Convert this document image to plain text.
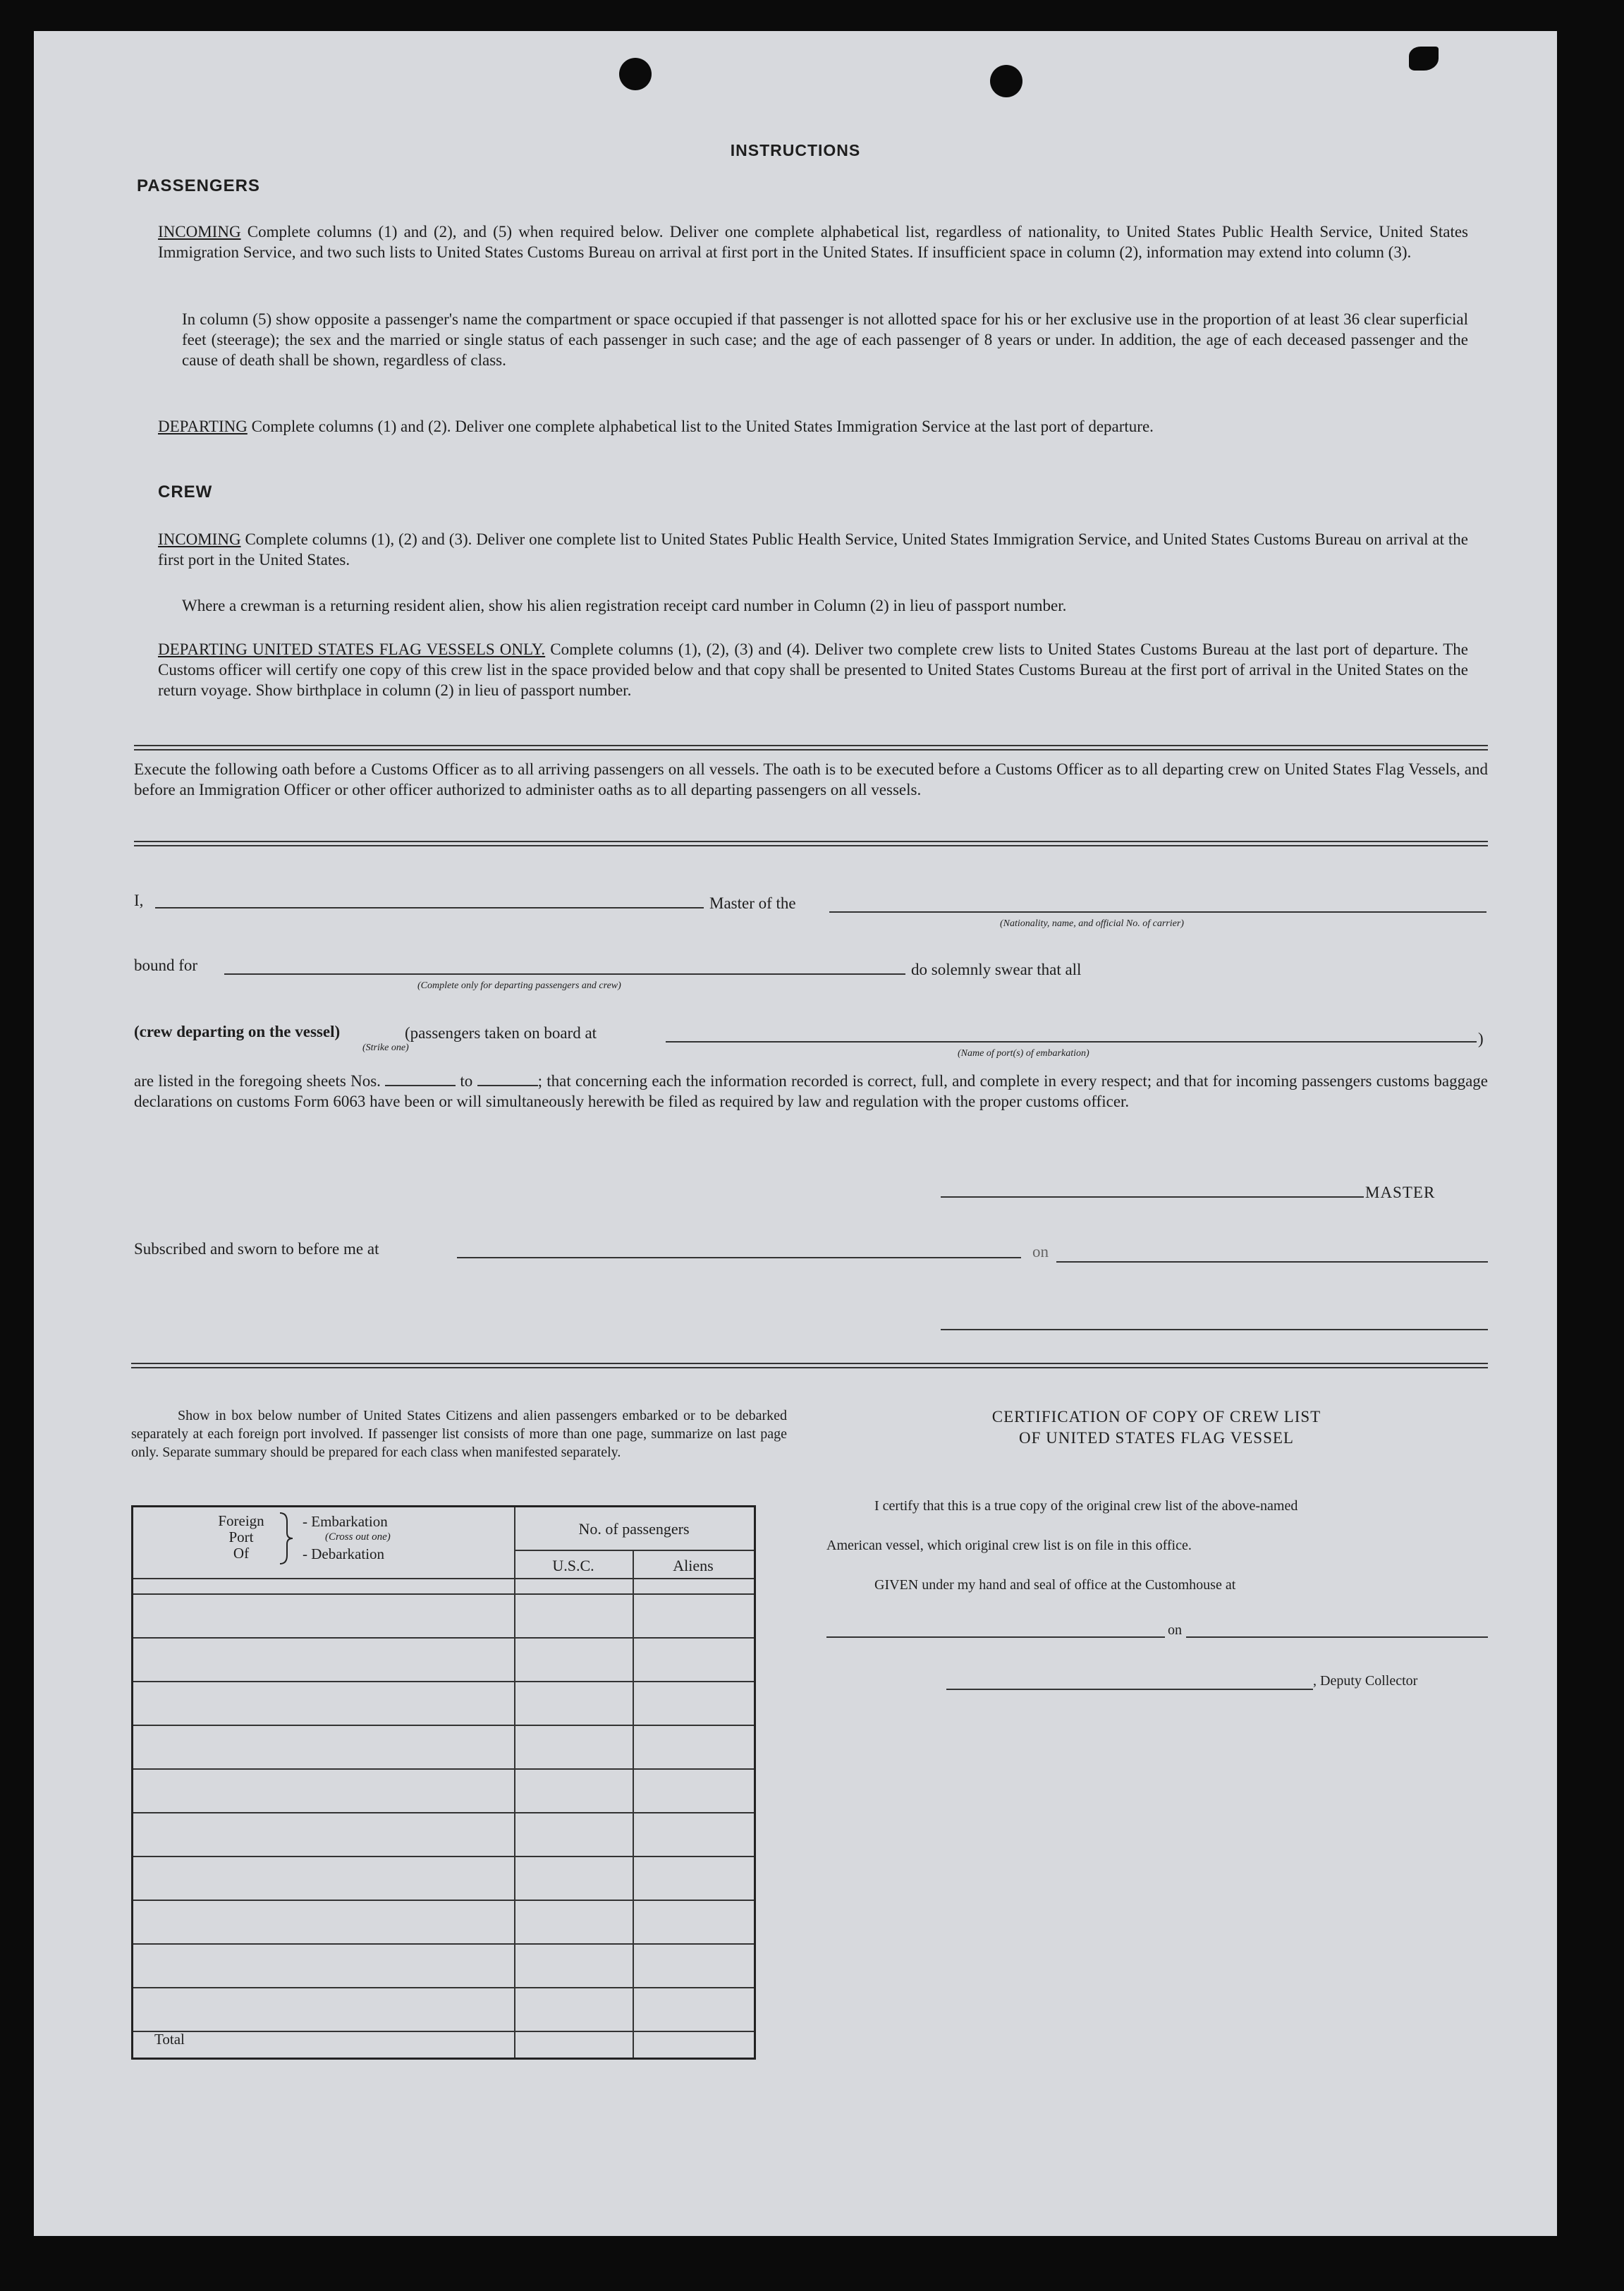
INSTRUCTIONS
PASSENGERS
INCOMING Complete columns (1) and (2), and (5) when required below. Deliver one complete alphabetical list, regardless of nationality, to United States Public Health Service, United States Immigration Service, and two such lists to United States Customs Bureau on arrival at first port in the United States. If insufficient space in column (2), information may extend into column (3).
In column (5) show opposite a passenger's name the compartment or space occupied if that passenger is not allotted space for his or her exclusive use in the proportion of at least 36 clear superficial feet (steerage); the sex and the married or single status of each passenger in such case; and the age of each passenger of 8 years or under. In addition, the age of each deceased passenger and the cause of death shall be shown, regardless of class.
DEPARTING Complete columns (1) and (2). Deliver one complete alphabetical list to the United States Immigration Service at the last port of departure.
CREW
INCOMING Complete columns (1), (2) and (3). Deliver one complete list to United States Public Health Service, United States Immigration Service, and United States Customs Bureau on arrival at the first port in the United States.
Where a crewman is a returning resident alien, show his alien registration receipt card number in Column (2) in lieu of passport number.
DEPARTING UNITED STATES FLAG VESSELS ONLY. Complete columns (1), (2), (3) and (4). Deliver two complete crew lists to United States Customs Bureau at the last port of departure. The Customs officer will certify one copy of this crew list in the space provided below and that copy shall be presented to United States Customs Bureau at the first port of arrival in the United States on the return voyage. Show birthplace in column (2) in lieu of passport number.
Execute the following oath before a Customs Officer as to all arriving passengers on all vessels. The oath is to be executed before a Customs Officer as to all departing crew on United States Flag Vessels, and before an Immigration Officer or other officer authorized to administer oaths as to all departing passengers on all vessels.
I,	Master of the
(Nationality, name, and official No. of carrier)
bound for
(Complete only for departing passengers and crew)
do solemnly swear that all
(crew departing on the vessel)	(passengers taken on board at
(Strike one)
)
(Name of port(s) of embarkation)
are listed in the foregoing sheets Nos.	to	; that concerning each the information recorded is correct, full, and complete in every respect; and that for incoming passengers customs baggage declarations on customs Form 6063 have been or will simultaneously herewith be filed as required by law and regulation with the proper customs officer.
MASTER
Subscribed and sworn to before me at	on
Show in box below number of United States Citizens and alien passengers embarked or to be debarked separately at each foreign port involved. If passenger list consists of more than one page, summarize on last page only. Separate summary should be prepared for each class when manifested separately.
Foreign
Port
Of
- Embarkation
(Cross out one)
- Debarkation
No. of passengers
U.S.C.	Aliens
Total
CERTIFICATION OF COPY OF CREW LIST
OF UNITED STATES FLAG VESSEL
I certify that this is a true copy of the original crew list of the above-named
American vessel, which original crew list is on file in this office.
GIVEN under my hand and seal of office at the Customhouse at
on
, Deputy Collector
